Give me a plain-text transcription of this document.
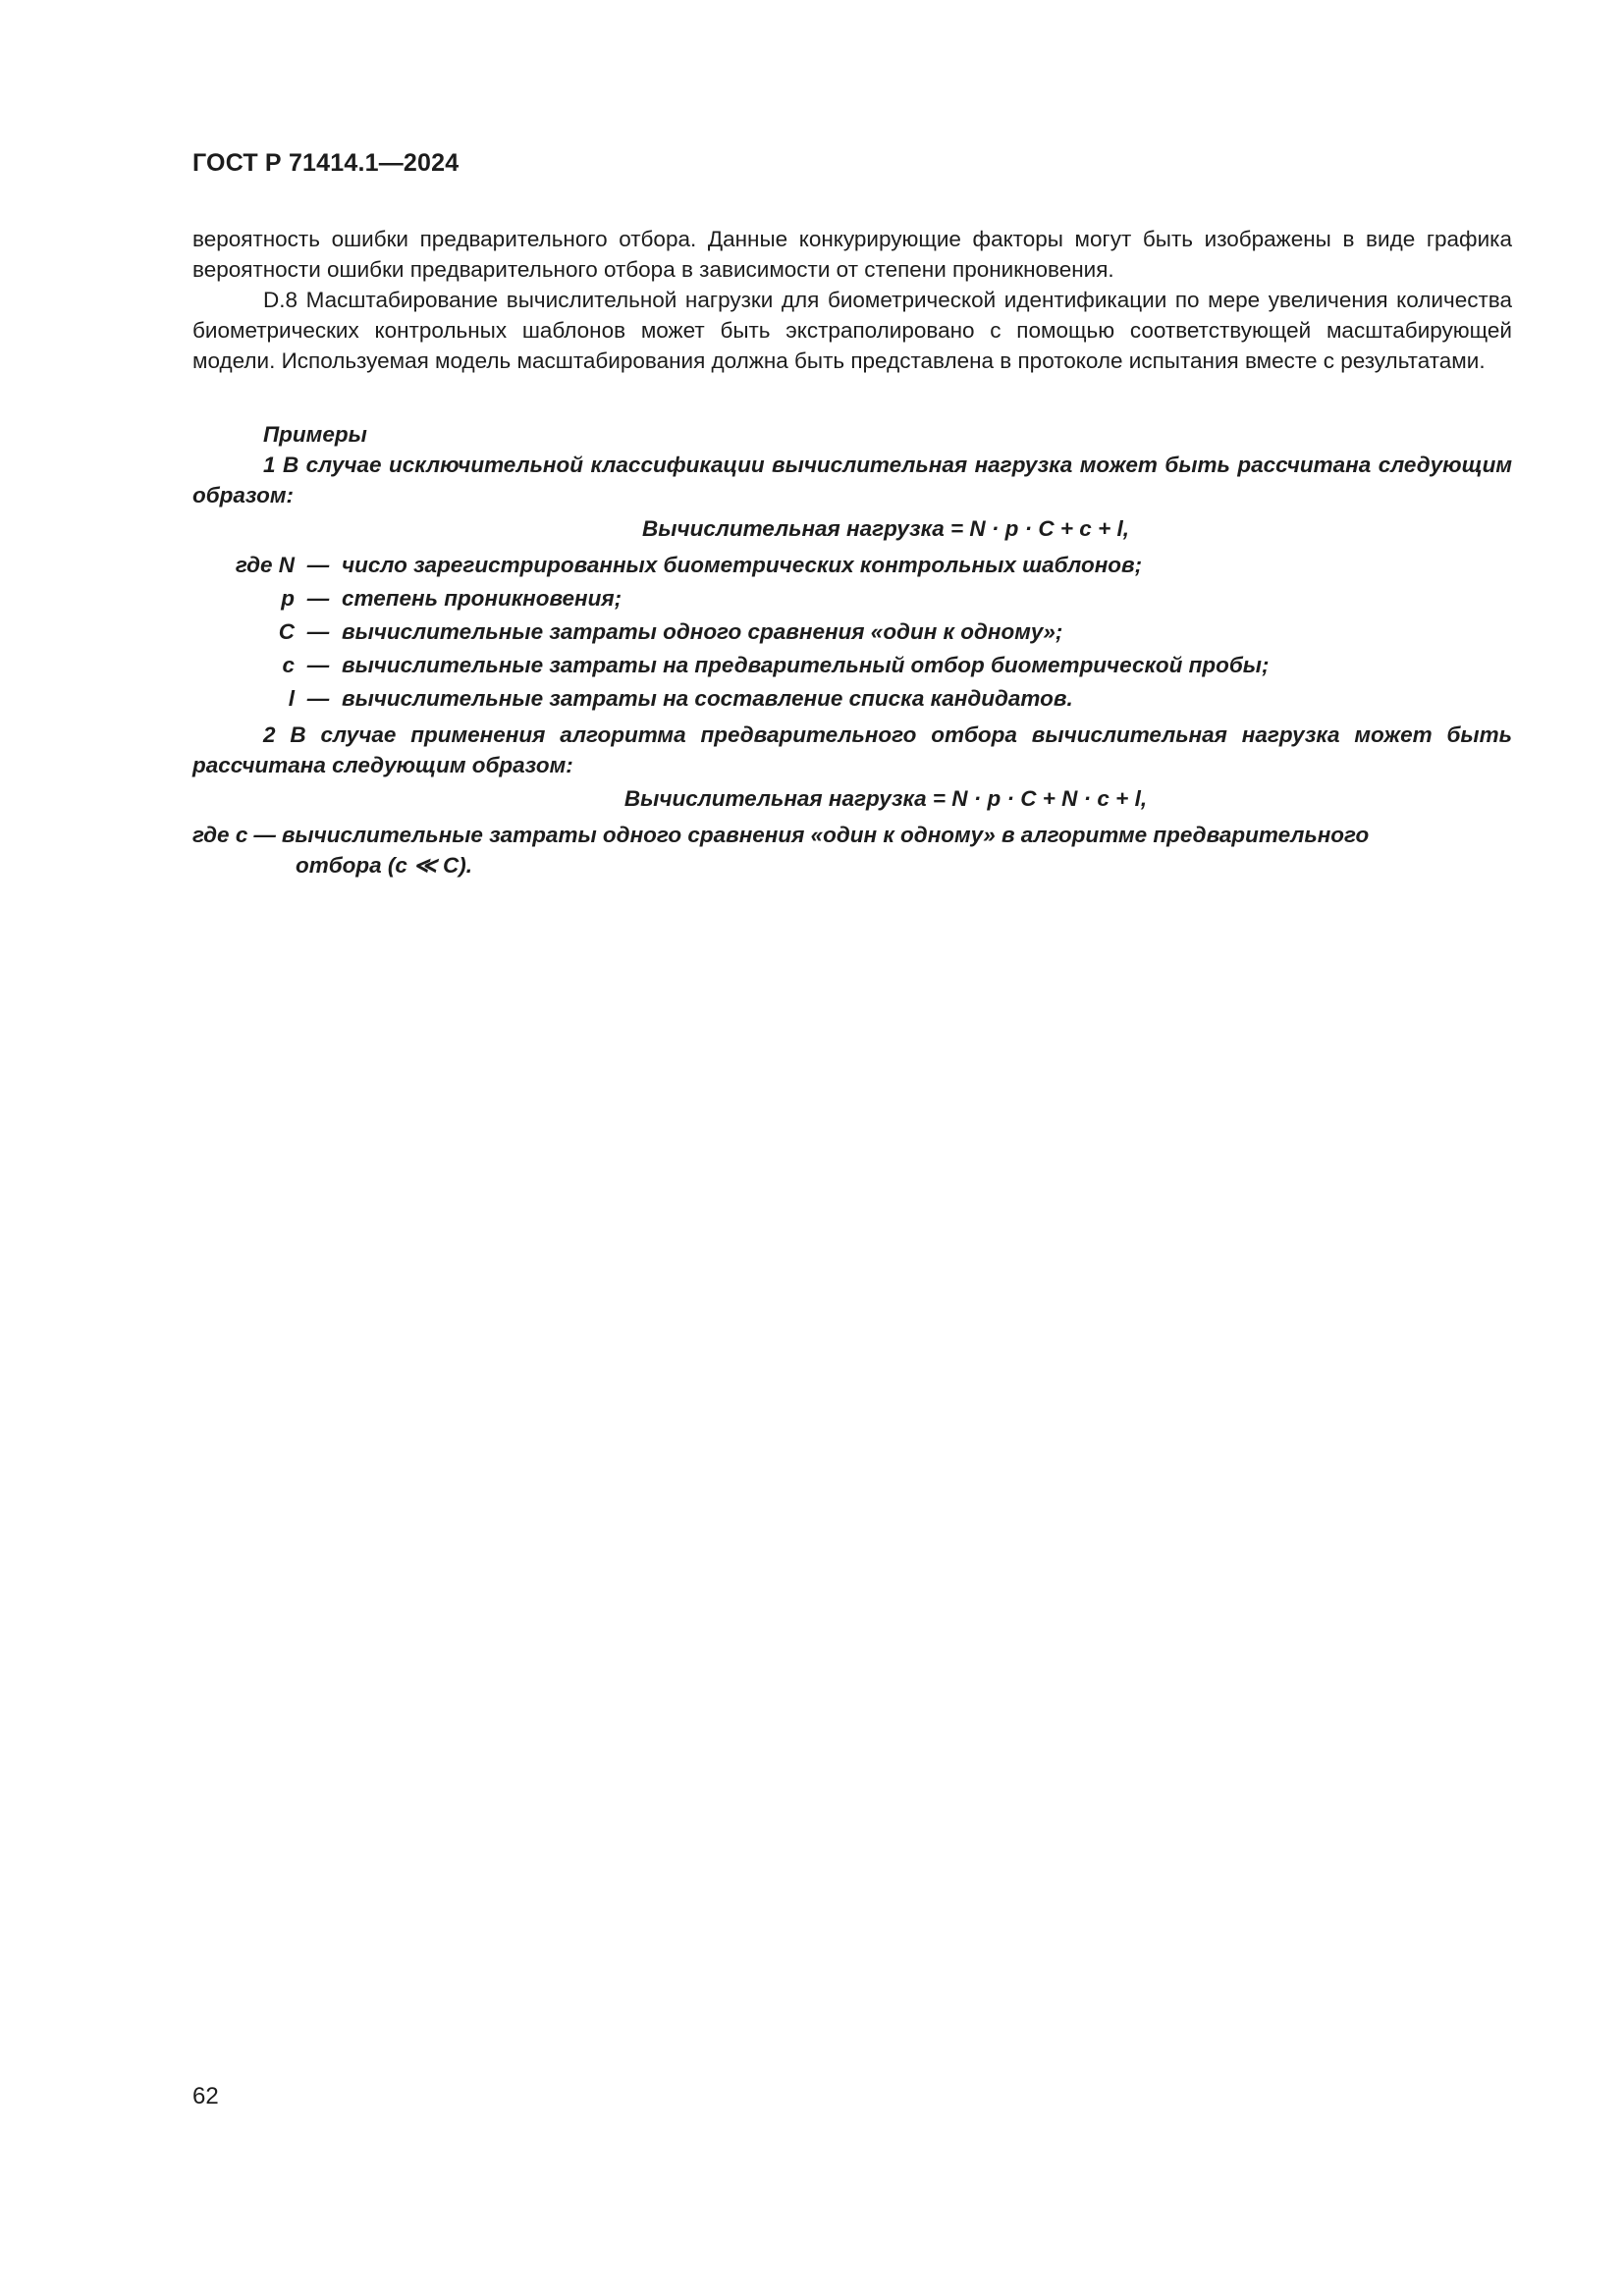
ГОСТ Р 71414.1—2024

вероятность ошибки предварительного отбора. Данные конкурирующие факторы могут быть изображены в виде графика вероятности ошибки предварительного отбора в зависимости от степени проникновения.

D.8 Масштабирование вычислительной нагрузки для биометрической идентификации по мере увеличения количества биометрических контрольных шаблонов может быть экстраполировано с помощью соответствующей масштабирующей модели. Используемая модель масштабирования должна быть представлена в протоколе испытания вместе с результатами.

Примеры

1 В случае исключительной классификации вычислительная нагрузка может быть рассчитана следующим образом:

Вычислительная нагрузка = N · p · C + c + l,

где N — число зарегистрированных биометрических контрольных шаблонов;
p — степень проникновения;
C — вычислительные затраты одного сравнения «один к одному»;
c — вычислительные затраты на предварительный отбор биометрической пробы;
l — вычислительные затраты на составление списка кандидатов.

2 В случае применения алгоритма предварительного отбора вычислительная нагрузка может быть рассчитана следующим образом:

Вычислительная нагрузка = N · p · C + N · c + l,

где c — вычислительные затраты одного сравнения «один к одному» в алгоритме предварительного
отбора (c ≪ C).
62
